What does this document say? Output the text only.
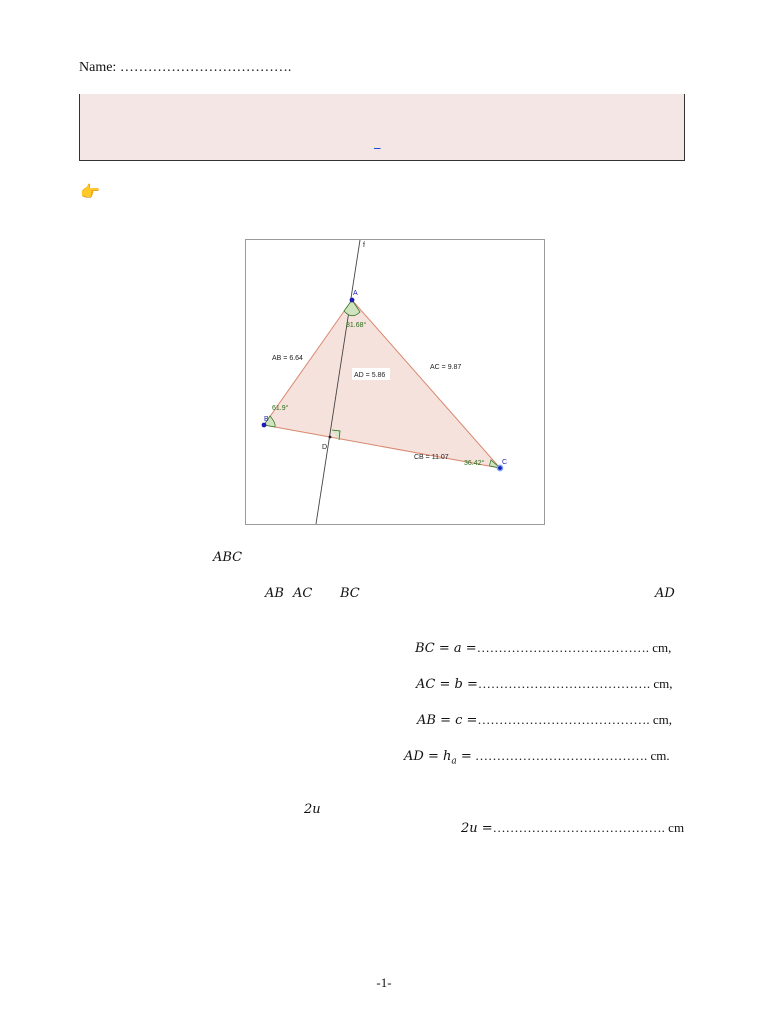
Name: ……………………………….
_
👉
f
A
B
C
D
AB = 6.64
AC = 9.87
AD = 5.86
CB = 11.07
81.68°
61.9°
36.42°
ABC
AB AC BC	AD
BC = a =…………………………………. cm,
AC = b =…………………………………. cm,
AB = c =…………………………………. cm,
AD = $h_a$ = …………………………………. cm.
2u
2u =…………………………………. cm
-1-
